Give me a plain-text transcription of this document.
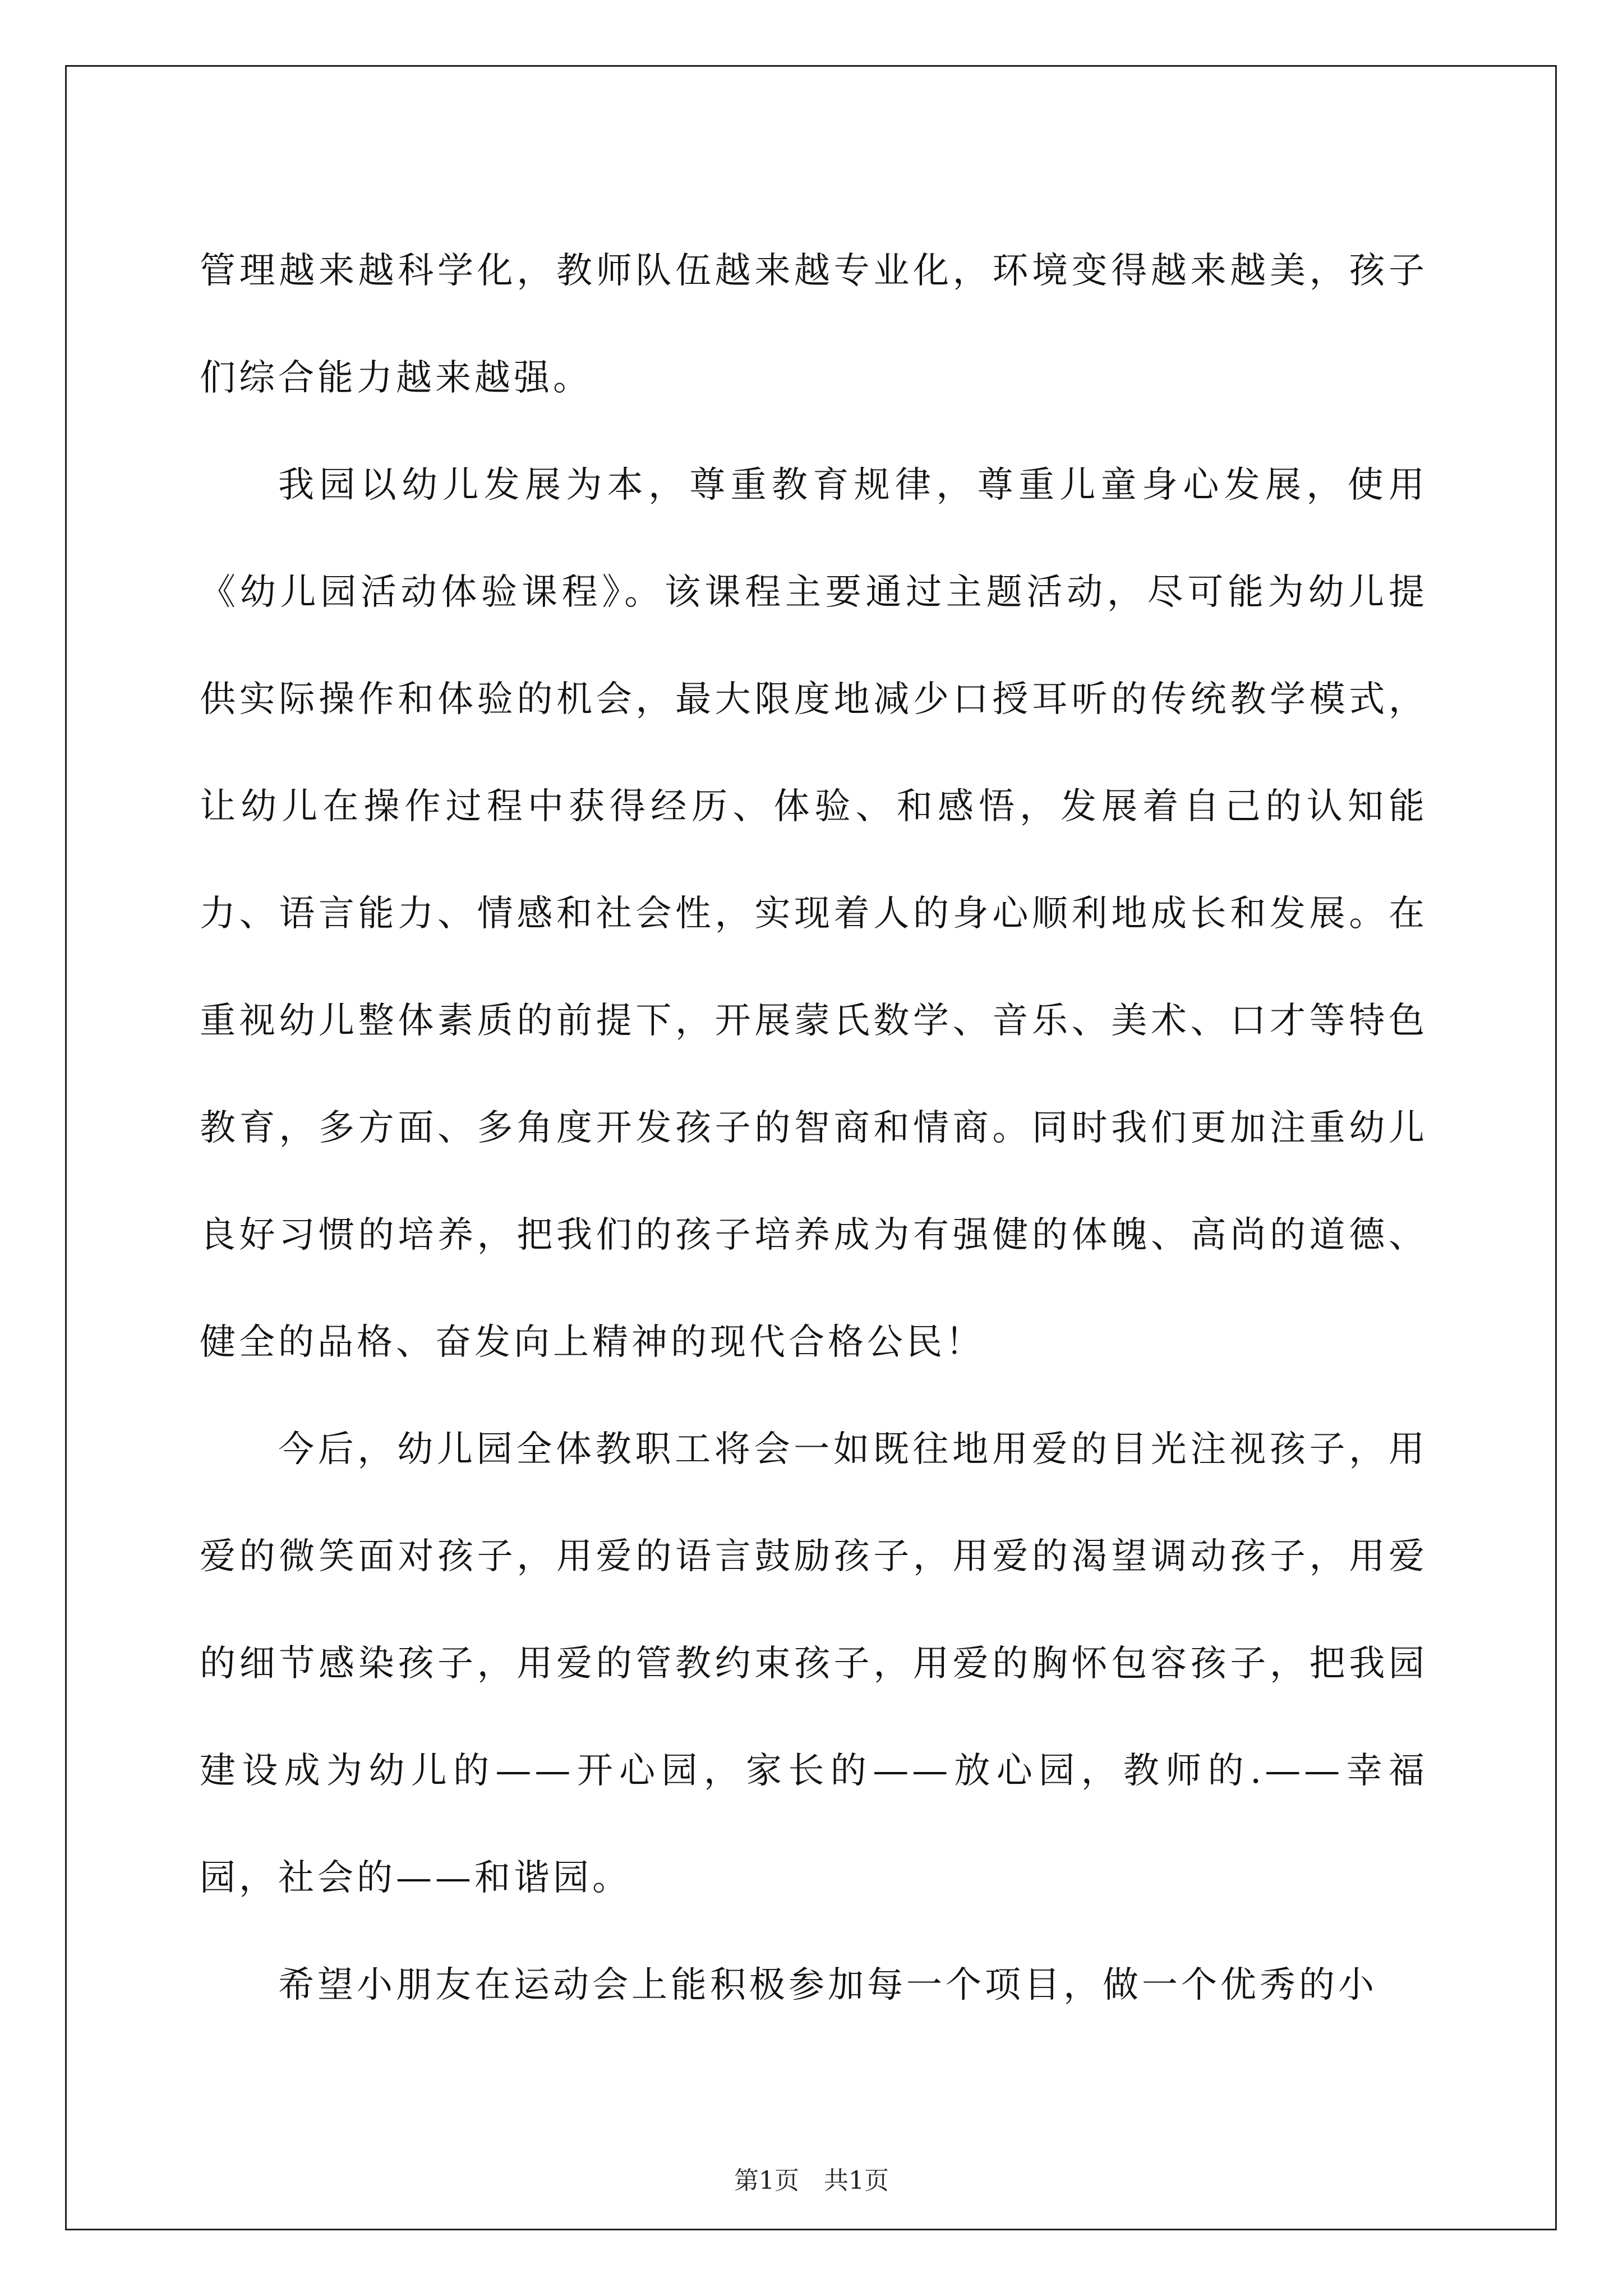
管理越来越科学化，教师队伍越来越专业化，环境变得越来越美，孩子们综合能力越来越强。

我园以幼儿发展为本，尊重教育规律，尊重儿童身心发展，使用《幼儿园活动体验课程》。该课程主要通过主题活动，尽可能为幼儿提供实际操作和体验的机会，最大限度地减少口授耳听的传统教学模式，让幼儿在操作过程中获得经历、体验、和感悟，发展着自己的认知能力、语言能力、情感和社会性，实现着人的身心顺利地成长和发展。在重视幼儿整体素质的前提下，开展蒙氏数学、音乐、美术、口才等特色教育，多方面、多角度开发孩子的智商和情商。同时我们更加注重幼儿良好习惯的培养，把我们的孩子培养成为有强健的体魄、高尚的道德、健全的品格、奋发向上精神的现代合格公民！

今后，幼儿园全体教职工将会一如既往地用爱的目光注视孩子，用爱的微笑面对孩子，用爱的语言鼓励孩子，用爱的渴望调动孩子，用爱的细节感染孩子，用爱的管教约束孩子，用爱的胸怀包容孩子，把我园建设成为幼儿的——开心园，家长的——放心园，教师的.——幸福园，社会的——和谐园。

希望小朋友在运动会上能积极参加每一个项目，做一个优秀的小

第1页　共1页
